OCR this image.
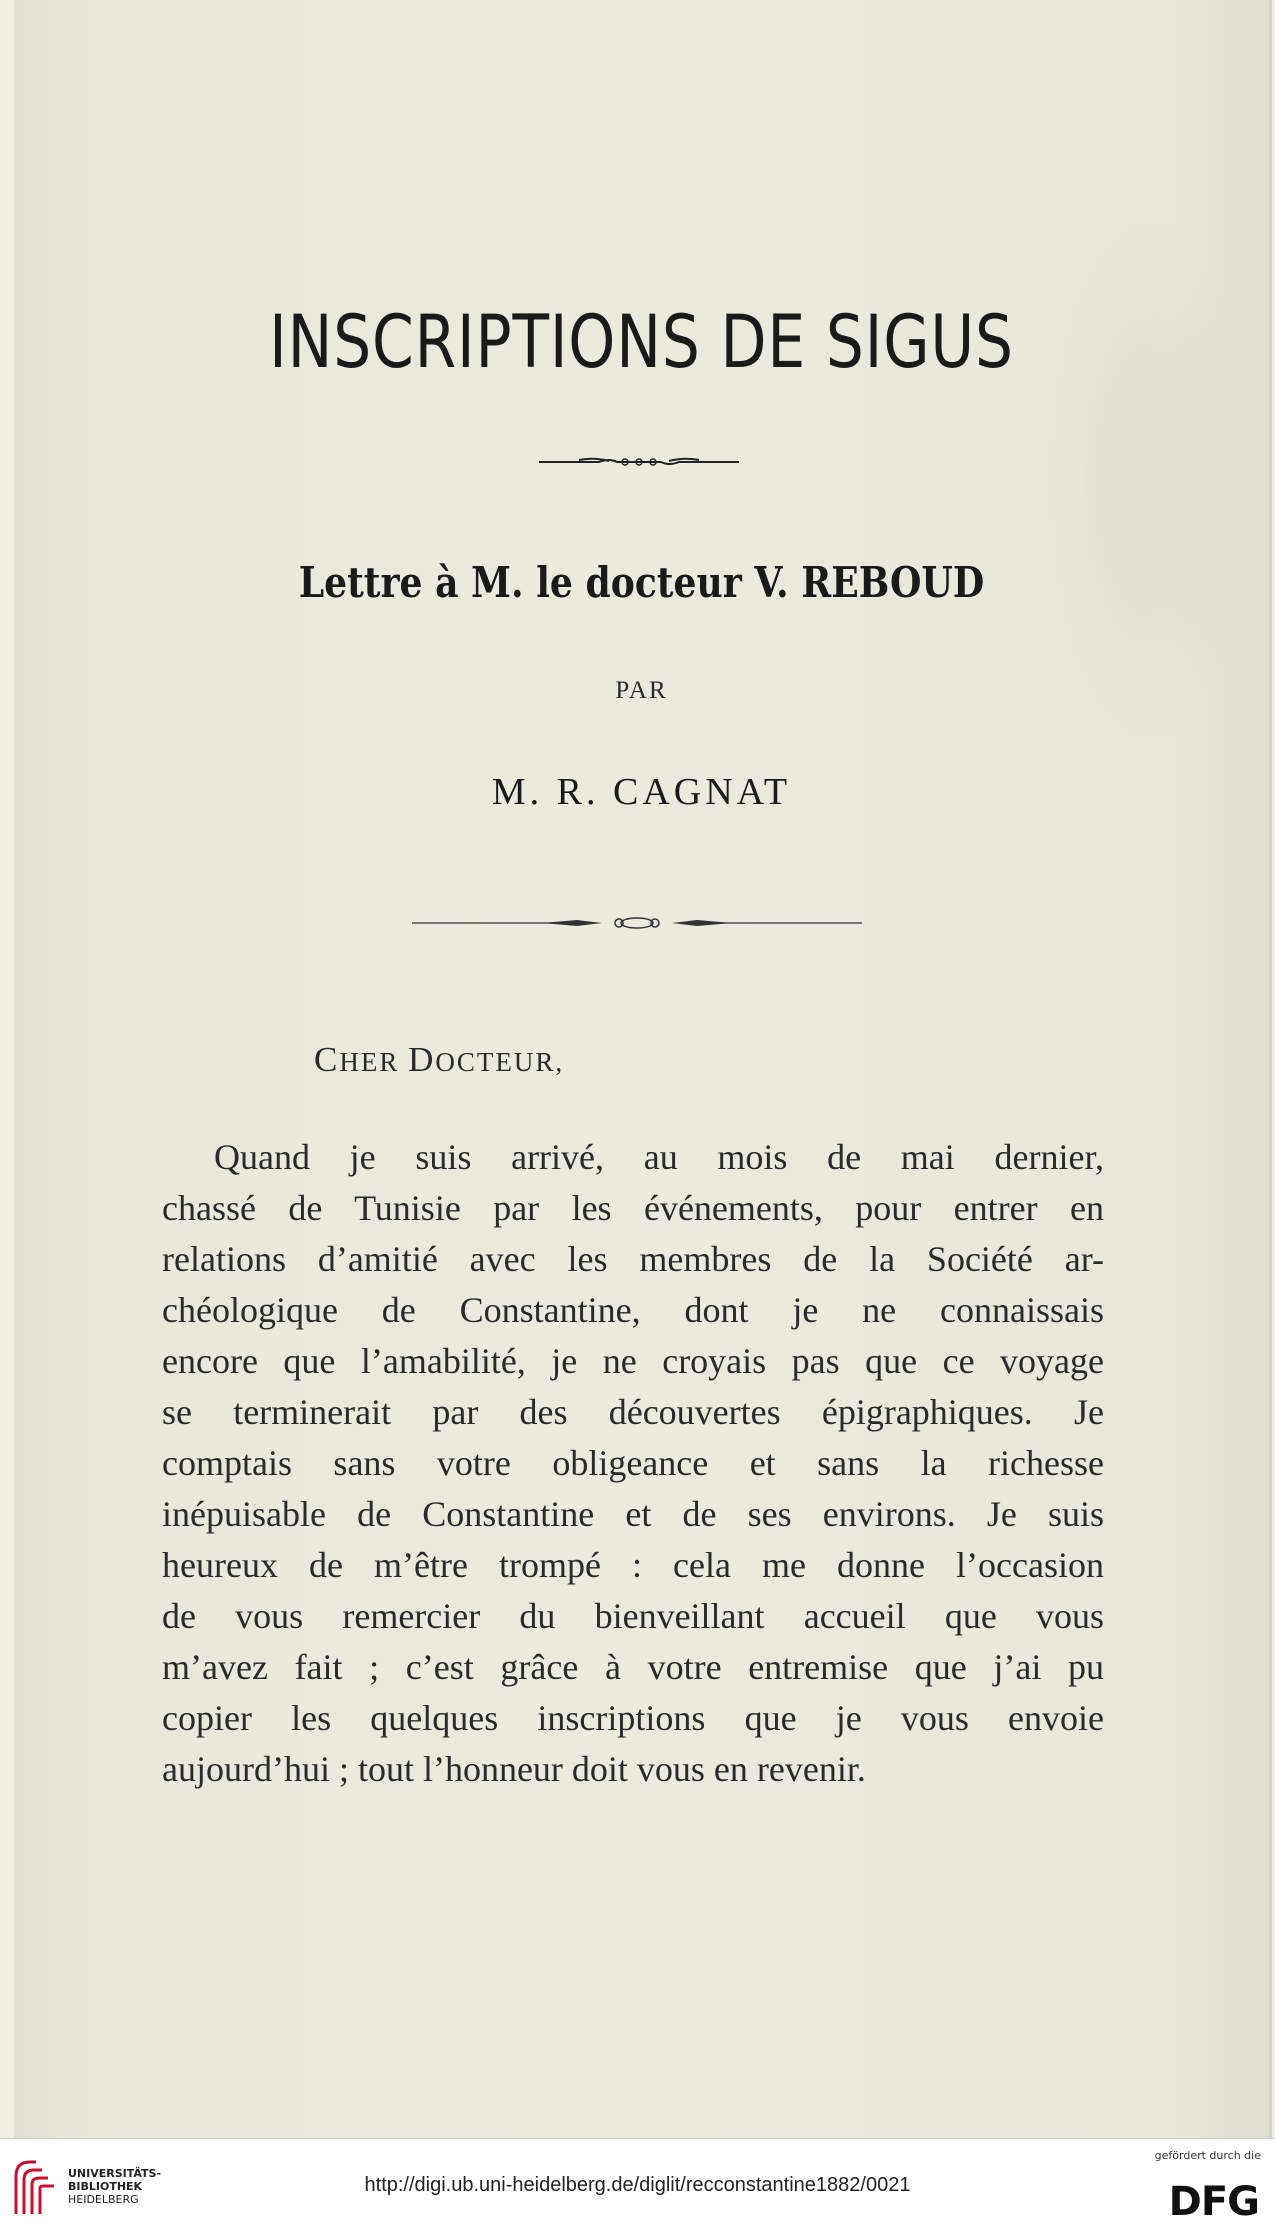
INSCRIPTIONS DE SIGUS
Lettre à M. le docteur V. REBOUD
PAR
M. R. CAGNAT
CHER DOCTEUR,
Quand je suis arrivé, au mois de mai dernier,
chassé de Tunisie par les événements, pour entrer en
relations d’amitié avec les membres de la Société ar-
chéologique de Constantine, dont je ne connaissais
encore que l’amabilité, je ne croyais pas que ce voyage
se terminerait par des découvertes épigraphiques. Je
comptais sans votre obligeance et sans la richesse
inépuisable de Constantine et de ses environs. Je suis
heureux de m’être trompé : cela me donne l’occasion
de vous remercier du bienveillant accueil que vous
m’avez fait ; c’est grâce à votre entremise que j’ai pu
copier les quelques inscriptions que je vous envoie
aujourd’hui ; tout l’honneur doit vous en revenir.
UNIVERSITÄTS-
BIBLIOTHEK
HEIDELBERG
http://digi.ub.uni-heidelberg.de/diglit/recconstantine1882/0021
gefördert durch die
DFG
